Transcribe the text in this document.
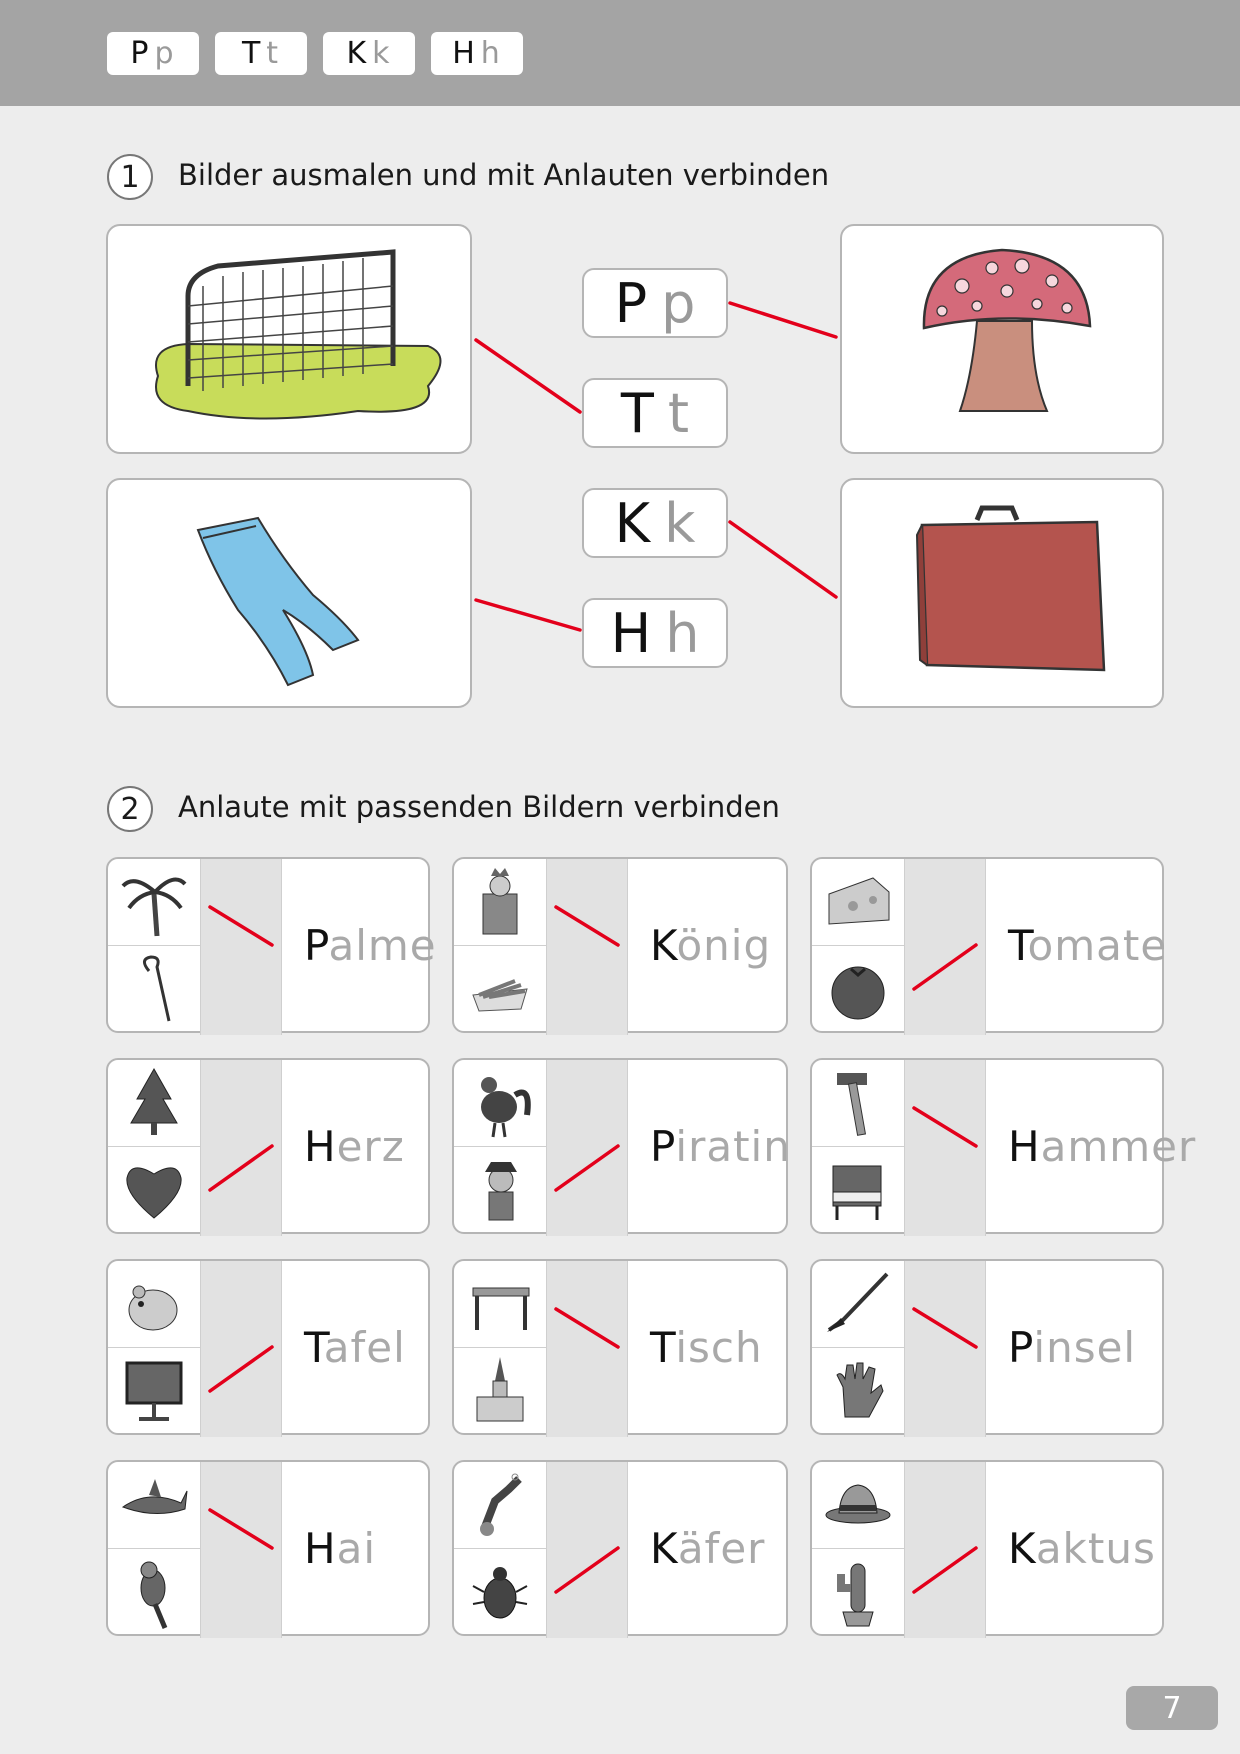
P p T t K k H h
1	Bilder ausmalen und mit Anlauten verbinden
P p
T t
K k
H h
2	Anlaute mit passenden Bildern verbinden
Palme	König	Tomate
Herz	Piratin	Hammer
Tafel	Tisch	Pinsel
Hai	Käfer	Kaktus
7
